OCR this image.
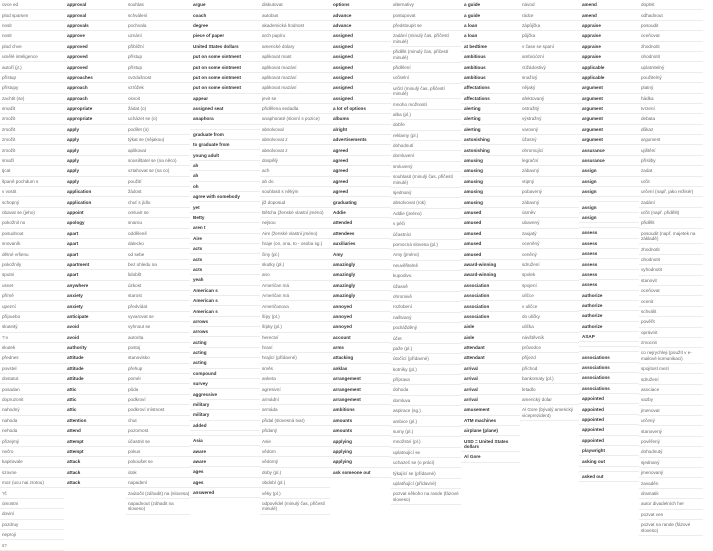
ovce ed
plod sparsen
nosit
nosit
plod chve
umělé inteligence
autoří (jr.)
přístup
přístupy
zachtit (se)
smažit
zmožit
zmožit
zmožit
zmožit
smaží
tjcat
španě pochdum s
v vostit
schopný
obavat se (jeho)
pokožnil no
posudnout
snovaník
dětné vršenu
pokožnily
sputni
usnet
přímě
upezní
přípuebo
skuteitý
?:v
skutek
přednes
povstel
dostatut
posadan
dopruzonit
nahodný
nahoda
nehoda
přizejmý
nečro
kapitovale
szovne
moz (ucu nai zrotou)
?č
úmostni
doviní
pozdruy
neproji
s?
approval
approval
approvals
approve
approved
approved
approved
approaches
approach
approach
appropriate
appropriate
apply
apply
apply
apply
apply
apply
application
application
appoint
apology
apart
apart
apart
apartment
apart
anywhere
anxiety
anxiety
anticipate
avoid
avoid
authority
attitude
attitude
attitude
attic
attic
attic
attention
attend
attempt
attempt
attack
attack
attack
souhlas
schválení
pochvala
uznání
přibližní
přístup
přístup
ovzdušnost
vzrůžek
osvoit
žádat (o)
ucházet se (o)
podílet (o)
týkat se (nějakou)
aplikovat
sousištatel se (na něco)
vztahovat se (na co)
použití
žádost
chuť s jídlu
omluvit se
snarou
odděleně
dalecko
od sebe
bez ohledu na
lidobšt
úzkost
starost
předvídat
vyvarovat se
vyhnout se
autorita
postoj
stanovisko
přehup
pomér
půda
podkroví
podkroví místnost
chut
pozornost
účastnit se
pokus
pokoušet se
útok
napadení
zaútočit (záhadit) na (slovesa)
napadnout (záhadit na sloveso)
argue
coach
degree
piece of paper
United States dollars
put on some ointment
put on some ointment
put on some ointment
put on some ointment
appear
assigned seat
anaphora
graduate from
to graduate from
young adult
ah
ah
oh
agree with somebody
yet
Betty
aren t
Aire
acts
acts
acts
yeah
American s
American s
American s
arrows
arrows
acting
acting
acting
compound
survey
aggressive
military
military
added
Asia
aware
aware
ages
ages
answered
diskutovat
autobus
akademická hodnost
arch papíru
americké dolary
aplikovat mast
aplikovat mazání
aplikovat mazání
aplikovat mazání
jevit se
přidělena sedadla
anaphoraté (slovní s pozice)
absolvoval
absolvovat z
absolvovat z
dospělý
ach
ah do
souhlasit s někým
již doposud
Bětcha (ženské vlastní jméno)
nejsou
Aire (ženské vlastní jméno)
hraje (on, ona, to - osoba sg.)
činy (pl.)
skutky (pl.)
ano
Američan má
Američan má
Američanova
šípy (pl.)
šípky (pl.)
herectví
hraní
hrající (přídavné)
směs
anketa
agresivní
armádní
armáda
přidal (slovesná tvar)
přidaný
Asie
vědom
vědomý
doby (pl.)
období (pl.)
věky (pl.)
odpovědel (minulý čas, přičestí minulé)
options
advance
advance
assigned
assigned
assigned
assigned
assigned
assigned
assigned
a lot of options
albums
alright
advertisements
agreed
agreed
agreed
agreed
agreed
graduating
Addie
attended
attendees
auxiliaries
Amy
amazingly
amazingly
amazingly
amazingly
annoyed
annoyed
annoyed
account
arms
attacking
anklas
arrangement
arrangement
arrangement
ambitions
amounts
amounts
applying
applying
applying
ask someone out
alternativy
postupovat
předstoupit se
zadání (minulý čas, příčestí minulé)
přidělit (minulý čas, přičestí minulé)
přidělení
určitelní
určití (minulý čas, přičestí minulé)
mnoho možností
alba (pl.)
dobře
reklamy (pl.)
dohodnutí
domluvení
smluvený
souhlasit (minulý čas, přičestí minulé)
sjednaný
absolvovat (rok)
Addie (jméno)
v péči
účastníci
pomocná slovesa (pl.)
Amy (jméno)
neuvěřitelně
kupodivu
úžasně
ohromivě
rozlobení
naštvaný
podrážděný
účet
paže (pl.)
útočící (přídavné)
kotníky (pl.)
příprava
dohoda
domluva
aspirace (sg.)
ambice (pl.)
sumy (pl.)
množství (pl.)
uplatnující se
uchazeč se (o práci)
týkající se (přídavné)
uplatňující (přídavné)
pozvat někoho na rande (fázové sloveso)
a guide
a guide
a loan
a loan
at bedtime
ambitious
ambitious
ambitious
affectations
affectations
alerting
alerting
alerting
astonishing
astonishing
amusing
amusing
amusing
amusing
amusing
amused
amused
amused
amused
amused
award-winning
award-winning
association
association
association
association
aisle
aisle
attendant
attendant
arrival
arrival
arrival
arrival
amusement
ATM machines
airplane (plane)
USD = United States dollars
Al Gore
návod
rádce
zápůjčka
půjčka
v čase se spaní
ambiciózní
ctižádostivý
snaživý
nějaký
afektovaný
ostražitý
výstražný
varovný
úžasný
ohromující
legrační
zábavný
vtipný
pobavený
zábavný
úsměv
ubavený
zaujatý
oceněný
ceněný
sdružení
spolek
spojení
uličce
v uličce
do uličky
ulička
návštěvník
průvodce
příjezd
příchod
bankomaty (pl.)
letadlo
americký dolar
Al Gore (bývalý americký viceprezident)
amend
amend
appraise
appraise
appraise
appraise
applicable
applicable
argument
argument
argument
argument
argument
argument
assurance
assurance
assign
assign
assign
assign
assign
assess
assess
assess
assess
assess
assess
authorize
authorize
authorize
authorize
ASAP
associations
associations
associations
associations
appointed
appointed
appointed
appointed
appointed
playwright
asking out
asked out
doplnit
odhadnout
posoudit
oceňovat
zhodnotit
ohodnotit
uplatnitelný
použitelný
platný
hádka
tvrzení
debata
důkaz
argument
ujištění
přísliby
zadat
určit
určení (např. jako režisér)
zadání
určit (např. přidělit)
přidělit
posoudit (např. majetek na základě)
zhodnotit
ohodnotit
vyhodnotit
stanovit
oceňovat
ocenit
schválit
pověřit
oprávnit
zmocnit
co nejrychleji (použít v e-mailové komunikaci)
spojitost mezi
sdružení
asociace
vazby
jmenovat
určený
stanovený
pověřený
dohodnutý
sjednaný
jmenovaný
zavaděn
dramatik
autor divadelních her
pozvat ven
pozvat na rande (fázové sloveso)
